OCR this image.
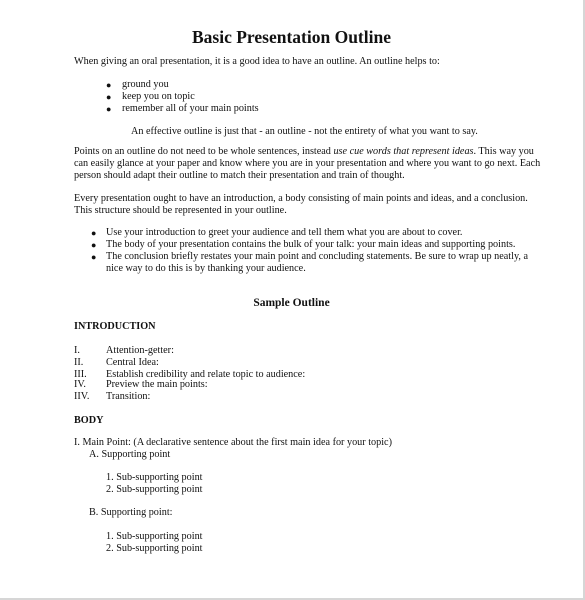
Basic Presentation Outline
When giving an oral presentation, it is a good idea to have an outline. An outline helps to:
● ground you
● keep you on topic
● remember all of your main points
An effective outline is just that - an outline - not the entirety of what you want to say.
Points on an outline do not need to be whole sentences, instead use cue words that represent ideas. This way you
can easily glance at your paper and know where you are in your presentation and where you want to go next. Each
person should adapt their outline to match their presentation and train of thought.
Every presentation ought to have an introduction, a body consisting of main points and ideas, and a conclusion.
This structure should be represented in your outline.
● Use your introduction to greet your audience and tell them what you are about to cover.
● The body of your presentation contains the bulk of your talk: your main ideas and supporting points.
● The conclusion briefly restates your main point and concluding statements. Be sure to wrap up neatly, a
nice way to do this is by thanking your audience.
Sample Outline
INTRODUCTION
I.	Attention-getter:
II. Central Idea:
III. Establish credibility and relate topic to audience:
IV. Preview the main points:
IIV. Transition:
BODY
I. Main Point: (A declarative sentence about the first main idea for your topic)
A. Supporting point
1. Sub-supporting point
2. Sub-supporting point
B. Supporting point:
1. Sub-supporting point
2. Sub-supporting point
